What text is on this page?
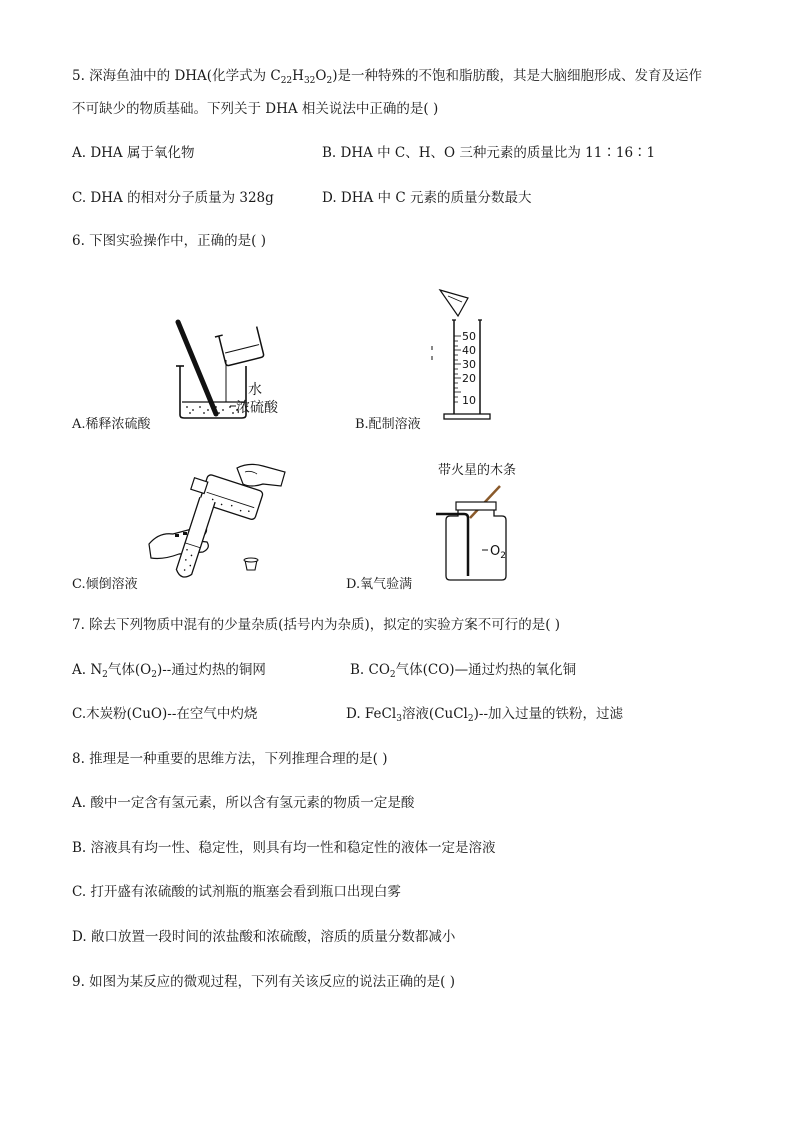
5. 深海鱼油中的 DHA(化学式为 $C_{22}H_{32}O_2$)是一种特殊的不饱和脂肪酸，其是大脑细胞形成、发育及运作
不可缺少的物质基础。下列关于 DHA 相关说法中正确的是( )
A. DHA 属于氧化物	B. DHA 中 C、H、O 三种元素的质量比为 11∶16∶1
C. DHA 的相对分子质量为 328g	D. DHA 中 C 元素的质量分数最大
6. 下图实验操作中，正确的是( )
水
浓硫酸
A.稀释浓硫酸
50
40
30
20
10
B.配制溶液
C.倾倒溶液
带火星的木条
$O_2$
D.氧气验满
7. 除去下列物质中混有的少量杂质(括号内为杂质)，拟定的实验方案不可行的是( )
A. $N_2$气体$(O_2)--$通过灼热的铜网	B. $CO_2$气体(CO)—通过灼热的氧化铜
C.木炭粉(CuO)--在空气中灼烧	D. FeCl$_3$溶液(CuCl$_2$)--加入过量的铁粉，过滤
8. 推理是一种重要的思维方法，下列推理合理的是( )
A. 酸中一定含有氢元素，所以含有氢元素的物质一定是酸
B. 溶液具有均一性、稳定性，则具有均一性和稳定性的液体一定是溶液
C. 打开盛有浓硫酸的试剂瓶的瓶塞会看到瓶口出现白雾
D. 敞口放置一段时间的浓盐酸和浓硫酸，溶质的质量分数都减小
9. 如图为某反应的微观过程，下列有关该反应的说法正确的是( )
